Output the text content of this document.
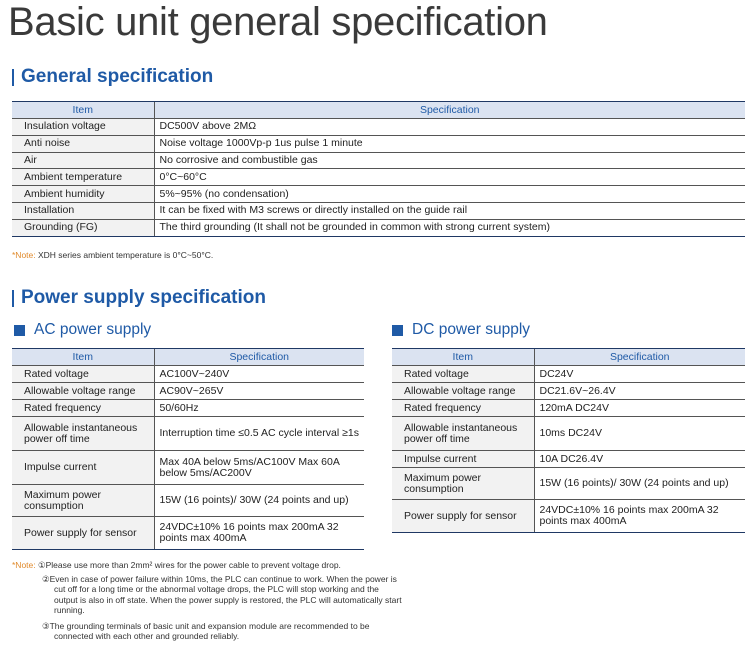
Basic unit general specification
General specification
Item	Specification
Insulation voltage	DC500V above 2MΩ
Anti noise	Noise voltage 1000Vp-p 1us pulse 1 minute
Air	No corrosive and combustible gas
Ambient temperature	0°C~60°C
Ambient humidity	5%~95% (no condensation)
Installation	It can be fixed with M3 screws or directly installed on the guide rail
Grounding (FG)	The third grounding (It shall not be grounded in common with strong current system)
*Note: XDH series ambient temperature is 0°C~50°C.
Power supply specification
AC power supply	DC power supply
Item	Specification
Rated voltage	AC100V~240V
Allowable voltage range	AC90V~265V
Rated frequency	50/60Hz
Allowable instantaneous power off time	Interruption time ≤0.5 AC cycle interval ≥1s
Impulse current	Max 40A below 5ms/AC100V Max 60A below 5ms/AC200V
Maximum power consumption	15W (16 points)/ 30W (24 points and up)
Power supply for sensor	24VDC±10% 16 points max 200mA 32 points max 400mA
Item	Specification
Rated voltage	DC24V
Allowable voltage range	DC21.6V~26.4V
Rated frequency	120mA DC24V
Allowable instantaneous power off time	10ms DC24V
Impulse current	10A DC26.4V
Maximum power consumption	15W (16 points)/ 30W (24 points and up)
Power supply for sensor	24VDC±10% 16 points max 200mA 32 points max 400mA

*Note: ①Please use more than 2mm² wires for the power cable to prevent voltage drop.

②Even in case of power failure within 10ms, the PLC can continue to work. When the power is cut off for a long time or the abnormal voltage drops, the PLC will stop working and the output is also in off state. When the power supply is restored, the PLC will automatically start running.

③The grounding terminals of basic unit and expansion module are recommended to be connected with each other and grounded reliably.
